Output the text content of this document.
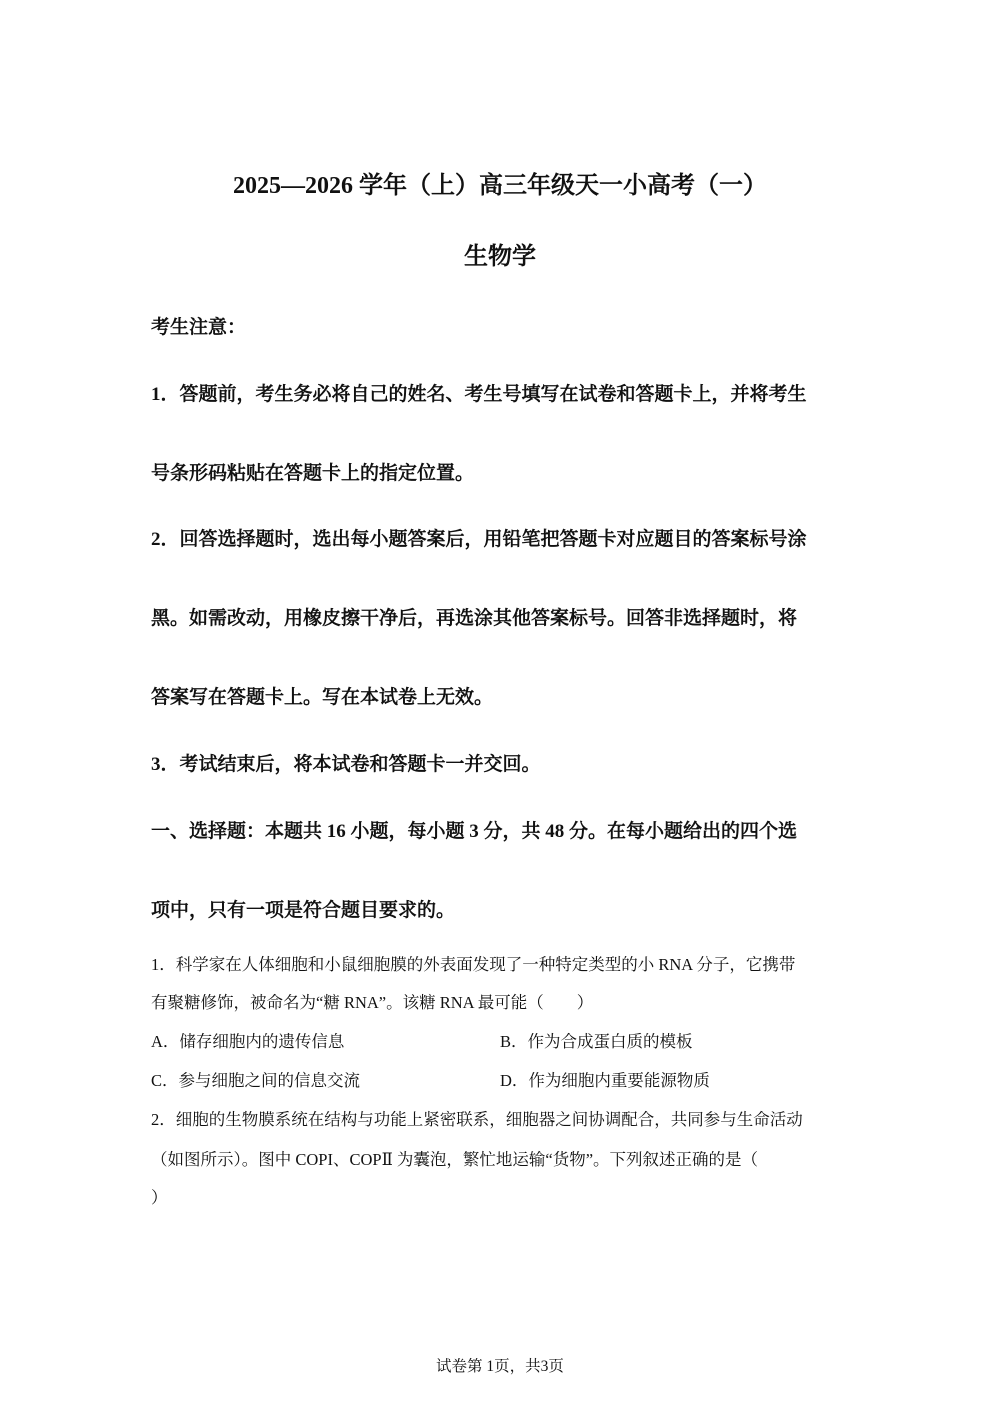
2025—2026 学年（上）高三年级天一小高考（一）
生物学
考生注意：
1．答题前，考生务必将自己的姓名、考生号填写在试卷和答题卡上，并将考生
号条形码粘贴在答题卡上的指定位置。
2．回答选择题时，选出每小题答案后，用铅笔把答题卡对应题目的答案标号涂
黑。如需改动，用橡皮擦干净后，再选涂其他答案标号。回答非选择题时，将
答案写在答题卡上。写在本试卷上无效。
3．考试结束后，将本试卷和答题卡一并交回。
一、选择题：本题共 16 小题，每小题 3 分，共 48 分。在每小题给出的四个选
项中，只有一项是符合题目要求的。
1．科学家在人体细胞和小鼠细胞膜的外表面发现了一种特定类型的小 RNA 分子，它携带
有聚糖修饰，被命名为“糖 RNA”。该糖 RNA 最可能（　　）
A．储存细胞内的遗传信息	B．作为合成蛋白质的模板
C．参与细胞之间的信息交流	D．作为细胞内重要能源物质
2．细胞的生物膜系统在结构与功能上紧密联系，细胞器之间协调配合，共同参与生命活动
（如图所示）。图中 COPI、COPⅡ 为囊泡，繁忙地运输“货物”。下列叙述正确的是（
）
试卷第 1页，共3页
